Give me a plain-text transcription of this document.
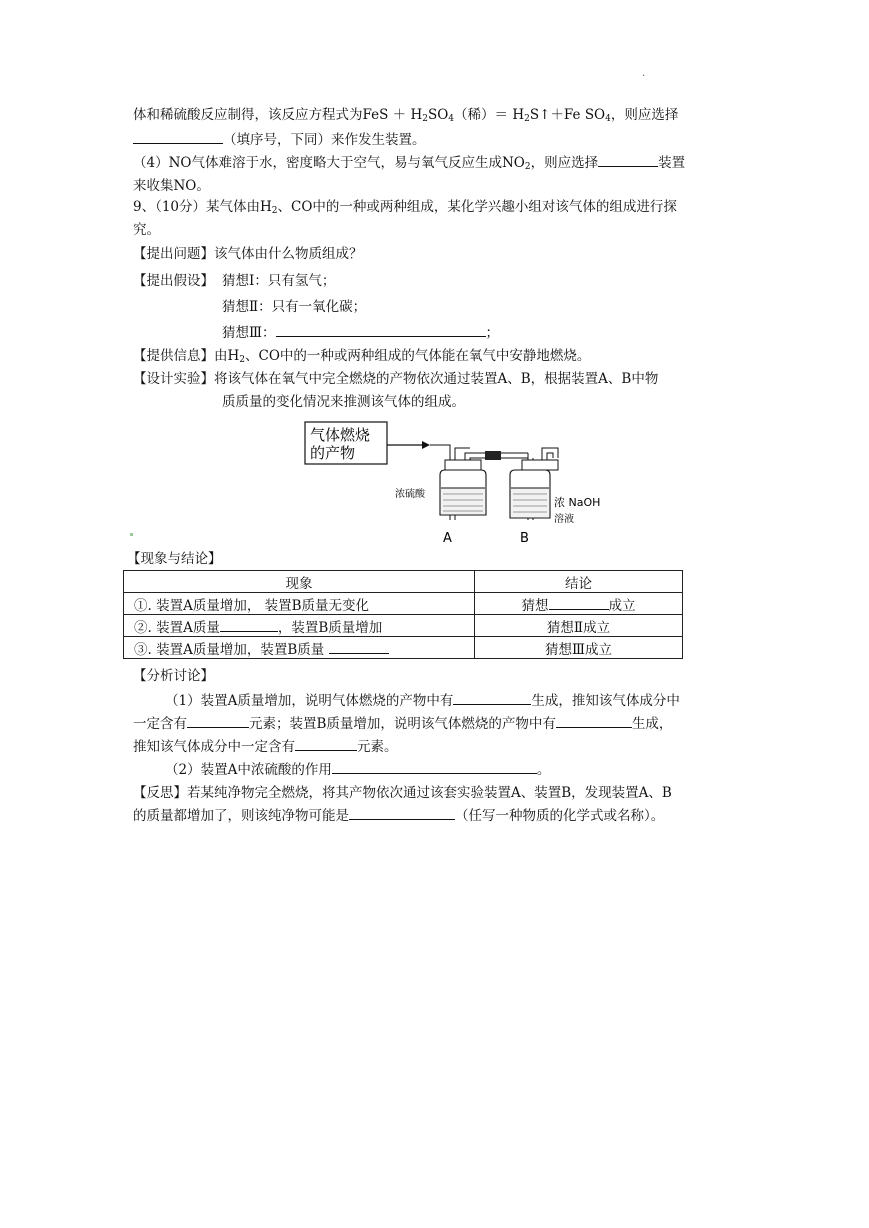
.
体和稀硫酸反应制得，该反应方程式为FeS ＋ $H_2SO_4$（稀）＝ $H_2S↑+Fe$ $SO_4$，则应选择
（填序号，下同）来作发生装置。
（4）NO气体难溶于水，密度略大于空气，易与氧气反应生成$NO_2$，则应选择	装置
来收集NO。
9、（10分）某气体由$H_2$、CO中的一种或两种组成，某化学兴趣小组对该气体的组成进行探
究。
【提出问题】该气体由什么物质组成？
【提出假设】 猜想Ⅰ：只有氢气；
猜想Ⅱ：只有一氧化碳；
猜想Ⅲ：	；
【提供信息】由$H_2$、CO中的一种或两种组成的气体能在氧气中安静地燃烧。
【设计实验】将该气体在氧气中完全燃烧的产物依次通过装置A、B，根据装置A、B中物
质质量的变化情况来推测该气体的组成。
气体燃烧
的产物
浓硫酸
浓 NaOH
溶液
A	B
【现象与结论】
现象	结论
①. 装置A质量增加， 装置B质量无变化	猜想 成立
②. 装置A质量 ，装置B质量增加	猜想Ⅱ成立
③. 装置A质量增加，装置B质量	猜想Ⅲ成立
【分析讨论】
（1）装置A质量增加，说明气体燃烧的产物中有	生成，推知该气体成分中
一定含有	元素；装置B质量增加，说明该气体燃烧的产物中有	生成，
推知该气体成分中一定含有	元素。
（2）装置A中浓硫酸的作用	。
【反思】若某纯净物完全燃烧，将其产物依次通过该套实验装置A、装置B，发现装置A、B
的质量都增加了，则该纯净物可能是	（任写一种物质的化学式或名称）。
